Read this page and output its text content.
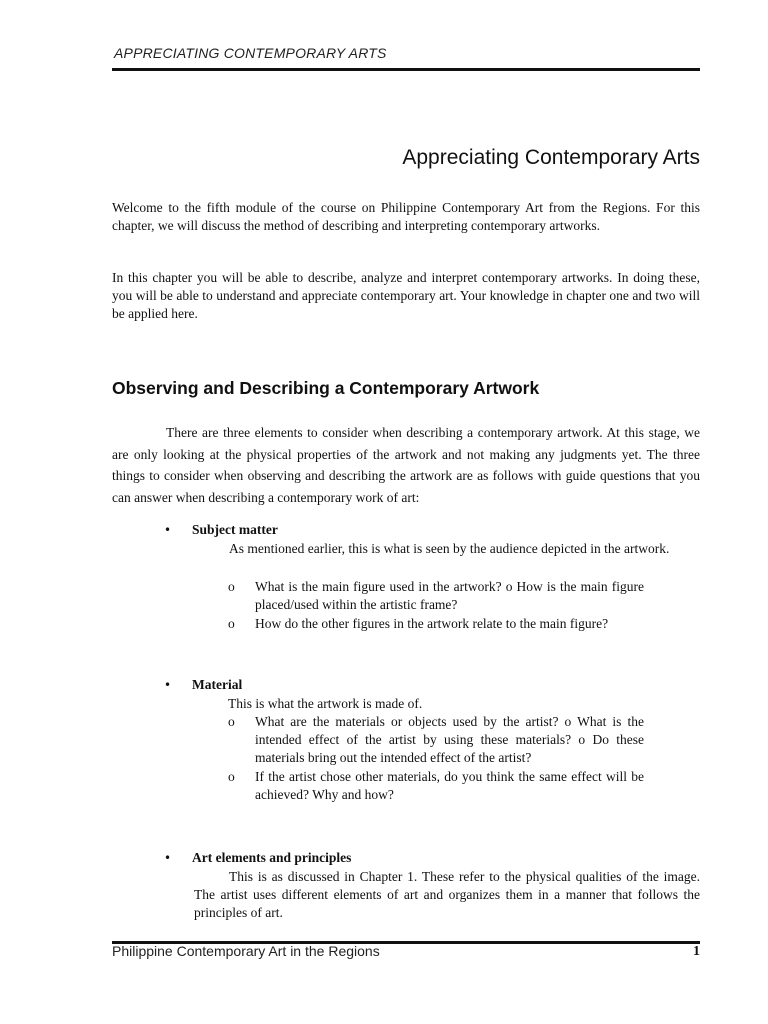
APPRECIATING CONTEMPORARY ARTS
Appreciating Contemporary Arts

Welcome to the fifth module of the course on Philippine Contemporary Art from the Regions. For this chapter, we will discuss the method of describing and interpreting contemporary artworks.

In this chapter you will be able to describe, analyze and interpret contemporary artworks. In doing these, you will be able to understand and appreciate contemporary art. Your knowledge in chapter one and two will be applied here.

Observing and Describing a Contemporary Artwork

There are three elements to consider when describing a contemporary artwork. At this stage, we are only looking at the physical properties of the artwork and not making any judgments yet. The three things to consider when observing and describing the artwork are as follows with guide questions that you can answer when describing a contemporary work of art:

• Subject matter

As mentioned earlier, this is what is seen by the audience depicted in the artwork.

o What is the main figure used in the artwork? o How is the main figure placed/used within the artistic frame?
o How do the other figures in the artwork relate to the main figure?
• Material

This is what the artwork is made of.

o What are the materials or objects used by the artist? o What is the intended effect of the artist by using these materials? o Do these materials bring out the intended effect of the artist?
o If the artist chose other materials, do you think the same effect will be achieved? Why and how?
• Art elements and principles

This is as discussed in Chapter 1. These refer to the physical qualities of the image. The artist uses different elements of art and organizes them in a manner that follows the principles of art.

Philippine Contemporary Art in the Regions	1
